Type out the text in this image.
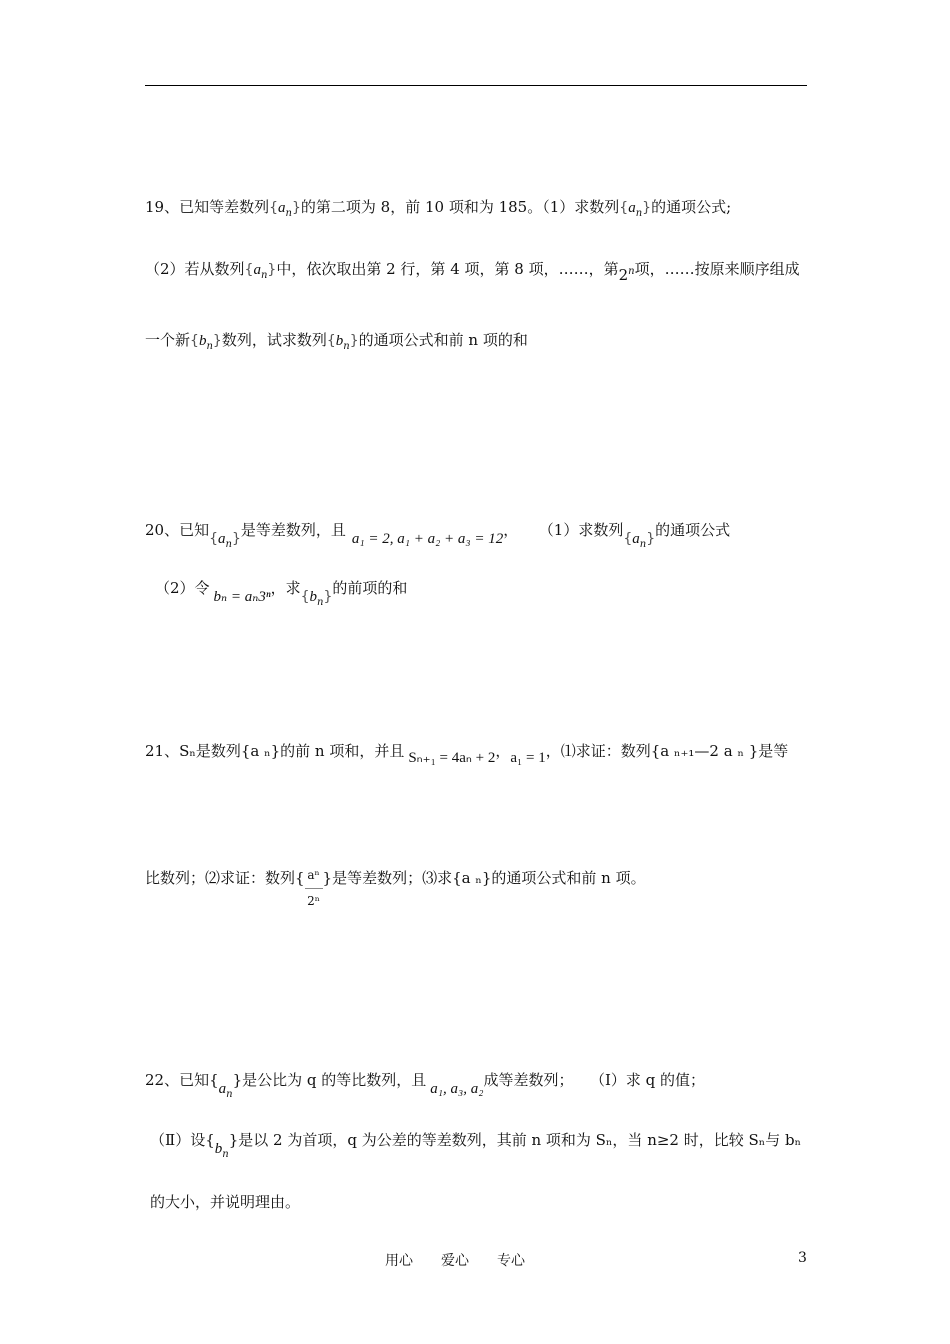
19、已知等差数列$\{a_n\}$的第二项为 8，前 10 项和为 185。（1）求数列$\{a_n\}$的通项公式;
（2）若从数列$\{a_n\}$中，依次取出第 2 行，第 4 项，第 8 项，……，第2$^n$项，……按原来顺序组成
一个新$\{b_n\}$数列，试求数列$\{b_n\}$的通项公式和前 n 项的和
20、已知$\{a_n\}$是等差数列，且 a₁ = 2, a₁ + a₂ + a₃ = 12， （1）求数列$\{a_n\}$的通项公式
（2）令 bₙ = aₙ3ⁿ，求$\{b_n\}$的前项的和
21、Sₙ是数列{a ₙ}的前 n 项和，并且 Sₙ₊₁ = 4aₙ + 2，a₁ = 1，⑴求证：数列{a ₙ₊₁—2 a ₙ }是等
比数列；⑵求证：数列{ $\frac{\text{aⁿ}}{\text{2ⁿ}}$ }是等差数列；⑶求{a ₙ}的通项公式和前 n 项。
22、已知$\{a_n\}$是公比为 q 的等比数列，且 a₁, a₃, a₂成等差数列； （Ⅰ）求 q 的值；
（Ⅱ）设$\{b_n\}$是以 2 为首项，q 为公差的等差数列，其前 n 项和为 Sₙ，当 n≥2 时，比较 Sₙ与 bₙ
的大小，并说明理由。
用心　　爱心　　专心	3
